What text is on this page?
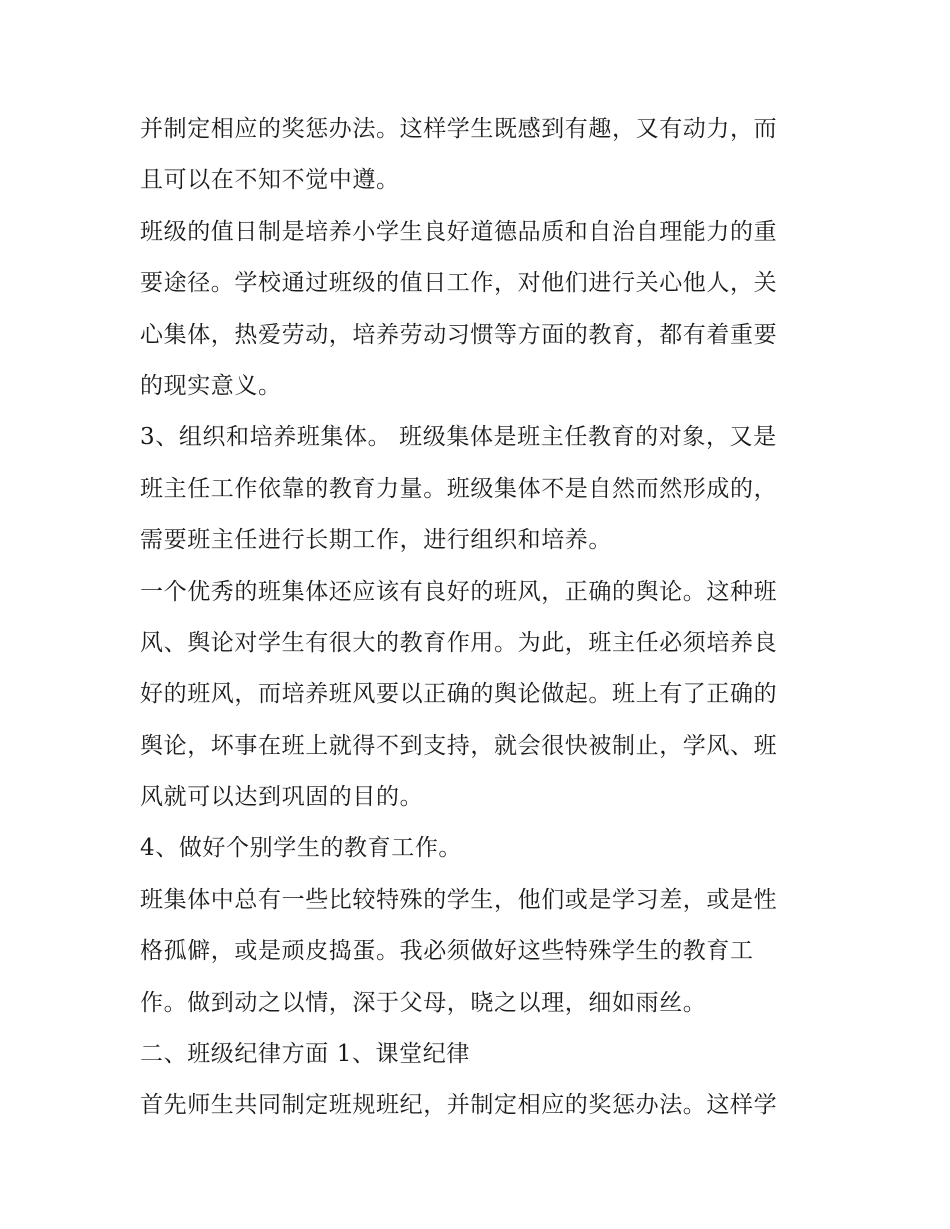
并制定相应的奖惩办法。这样学生既感到有趣，又有动力，而
且可以在不知不觉中遵。
班级的值日制是培养小学生良好道德品质和自治自理能力的重
要途径。学校通过班级的值日工作，对他们进行关心他人，关
心集体，热爱劳动，培养劳动习惯等方面的教育，都有着重要
的现实意义。
3、组织和培养班集体。 班级集体是班主任教育的对象，又是
班主任工作依靠的教育力量。班级集体不是自然而然形成的，
需要班主任进行长期工作，进行组织和培养。
一个优秀的班集体还应该有良好的班风，正确的舆论。这种班
风、舆论对学生有很大的教育作用。为此，班主任必须培养良
好的班风，而培养班风要以正确的舆论做起。班上有了正确的
舆论，坏事在班上就得不到支持，就会很快被制止，学风、班
风就可以达到巩固的目的。
4、做好个别学生的教育工作。
班集体中总有一些比较特殊的学生，他们或是学习差，或是性
格孤僻，或是顽皮捣蛋。我必须做好这些特殊学生的教育工
作。做到动之以情，深于父母，晓之以理，细如雨丝。
二、班级纪律方面 1、课堂纪律
首先师生共同制定班规班纪，并制定相应的奖惩办法。这样学
